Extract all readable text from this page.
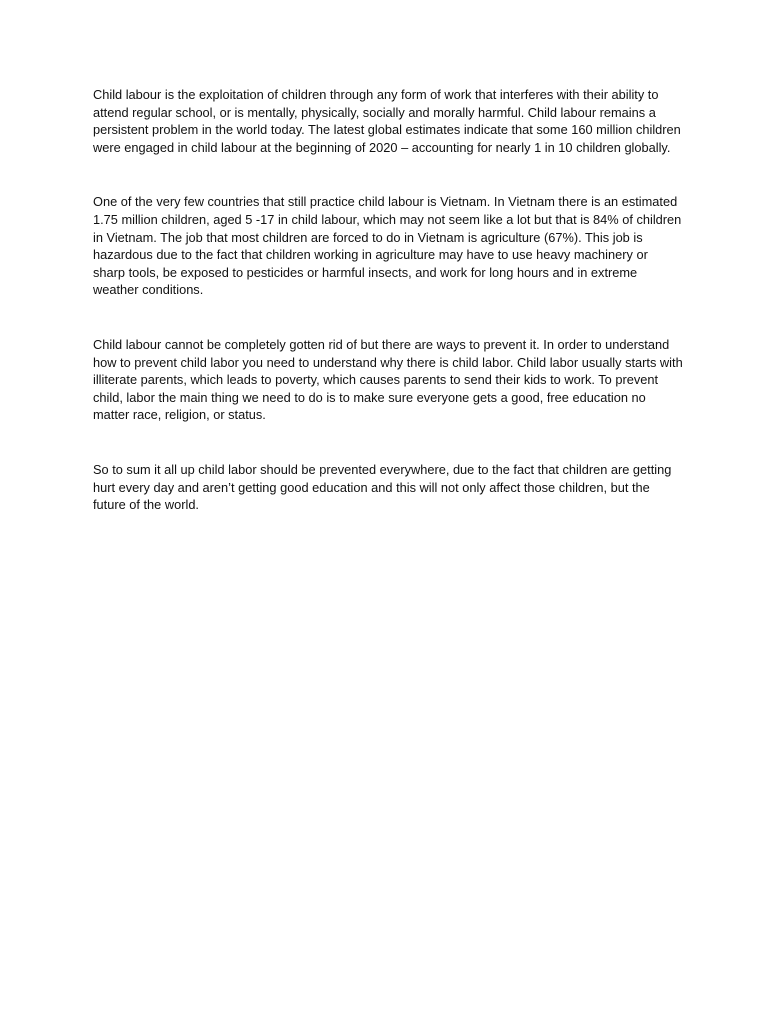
Child labour is the exploitation of children through any form of work that interferes with their ability to attend regular school, or is mentally, physically, socially and morally harmful. Child labour remains a persistent problem in the world today. The latest global estimates indicate that some 160 million children were engaged in child labour at the beginning of 2020 – accounting for nearly 1 in 10 children globally.

One of the very few countries that still practice child labour is Vietnam. In Vietnam there is an estimated 1.75 million children, aged 5 -17 in child labour, which may not seem like a lot but that is 84% of children in Vietnam. The job that most children are forced to do in Vietnam is agriculture (67%). This job is hazardous due to the fact that children working in agriculture may have to use heavy machinery or sharp tools, be exposed to pesticides or harmful insects, and work for long hours and in extreme weather conditions.

Child labour cannot be completely gotten rid of but there are ways to prevent it. In order to understand how to prevent child labor you need to understand why there is child labor. Child labor usually starts with illiterate parents, which leads to poverty, which causes parents to send their kids to work. To prevent child, labor the main thing we need to do is to make sure everyone gets a good, free education no matter race, religion, or status.

So to sum it all up child labor should be prevented everywhere, due to the fact that children are getting hurt every day and aren’t getting good education and this will not only affect those children, but the future of the world.
